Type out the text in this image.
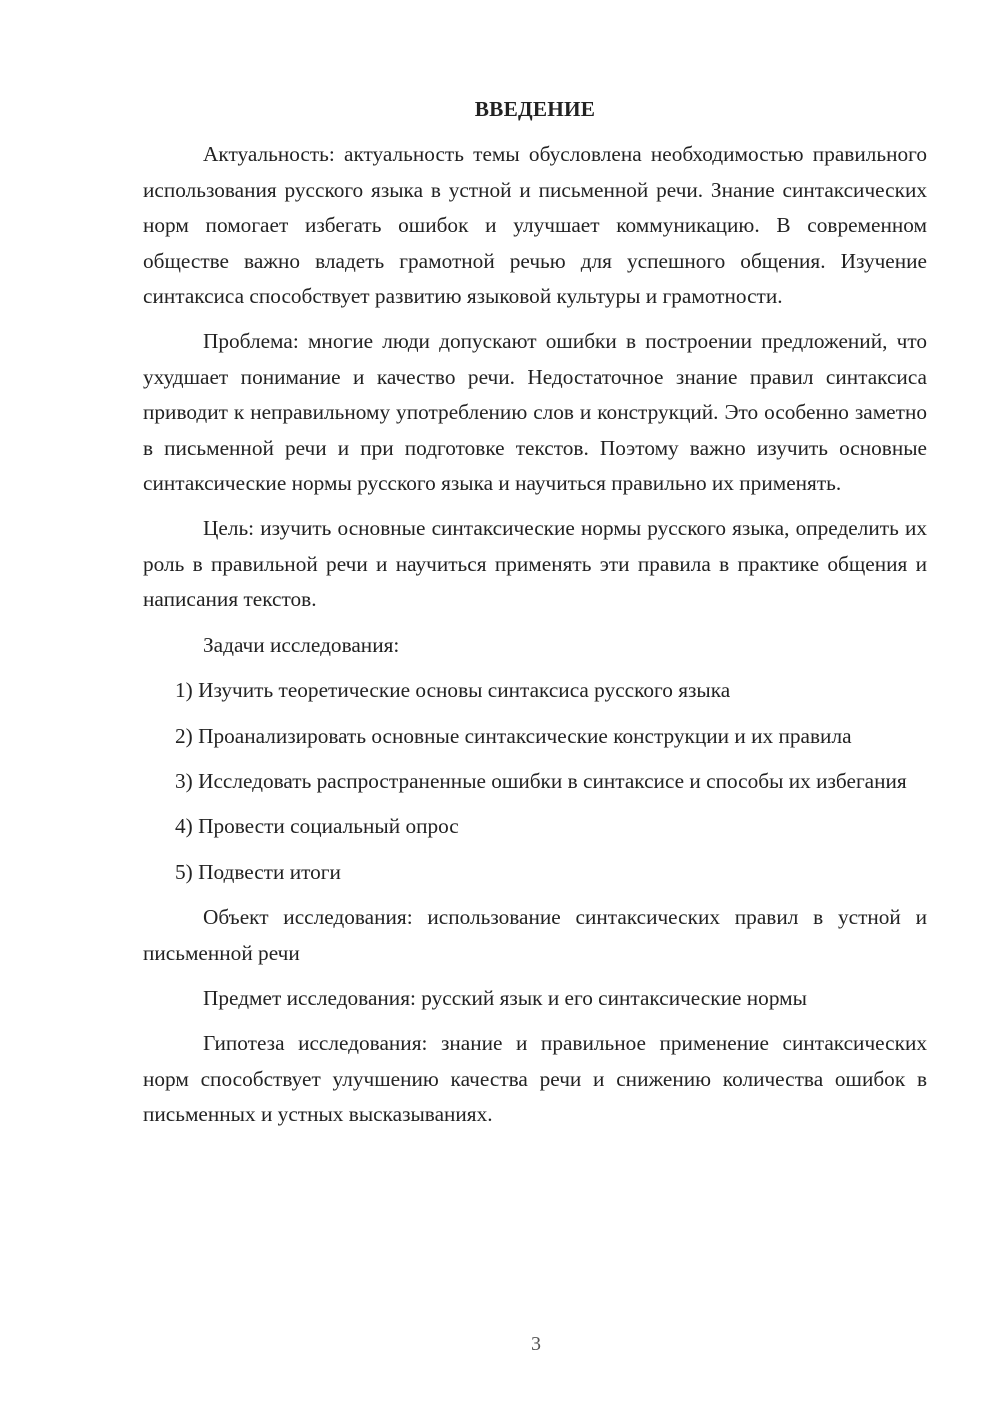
ВВЕДЕНИЕ

Актуальность: актуальность темы обусловлена необходимостью правильного использования русского языка в устной и письменной речи. Знание синтаксических норм помогает избегать ошибок и улучшает коммуникацию. В современном обществе важно владеть грамотной речью для успешного общения. Изучение синтаксиса способствует развитию языковой культуры и грамотности.

Проблема: многие люди допускают ошибки в построении предложений, что ухудшает понимание и качество речи. Недостаточное знание правил синтаксиса приводит к неправильному употреблению слов и конструкций. Это особенно заметно в письменной речи и при подготовке текстов. Поэтому важно изучить основные синтаксические нормы русского языка и научиться правильно их применять.

Цель: изучить основные синтаксические нормы русского языка, определить их роль в правильной речи и научиться применять эти правила в практике общения и написания текстов.

Задачи исследования:

1) Изучить теоретические основы синтаксиса русского языка

2) Проанализировать основные синтаксические конструкции и их правила

3) Исследовать распространенные ошибки в синтаксисе и способы их избегания

4) Провести социальный опрос

5) Подвести итоги

Объект исследования: использование синтаксических правил в устной и письменной речи

Предмет исследования: русский язык и его синтаксические нормы

Гипотеза исследования: знание и правильное применение синтаксических норм способствует улучшению качества речи и снижению количества ошибок в письменных и устных высказываниях.

3
